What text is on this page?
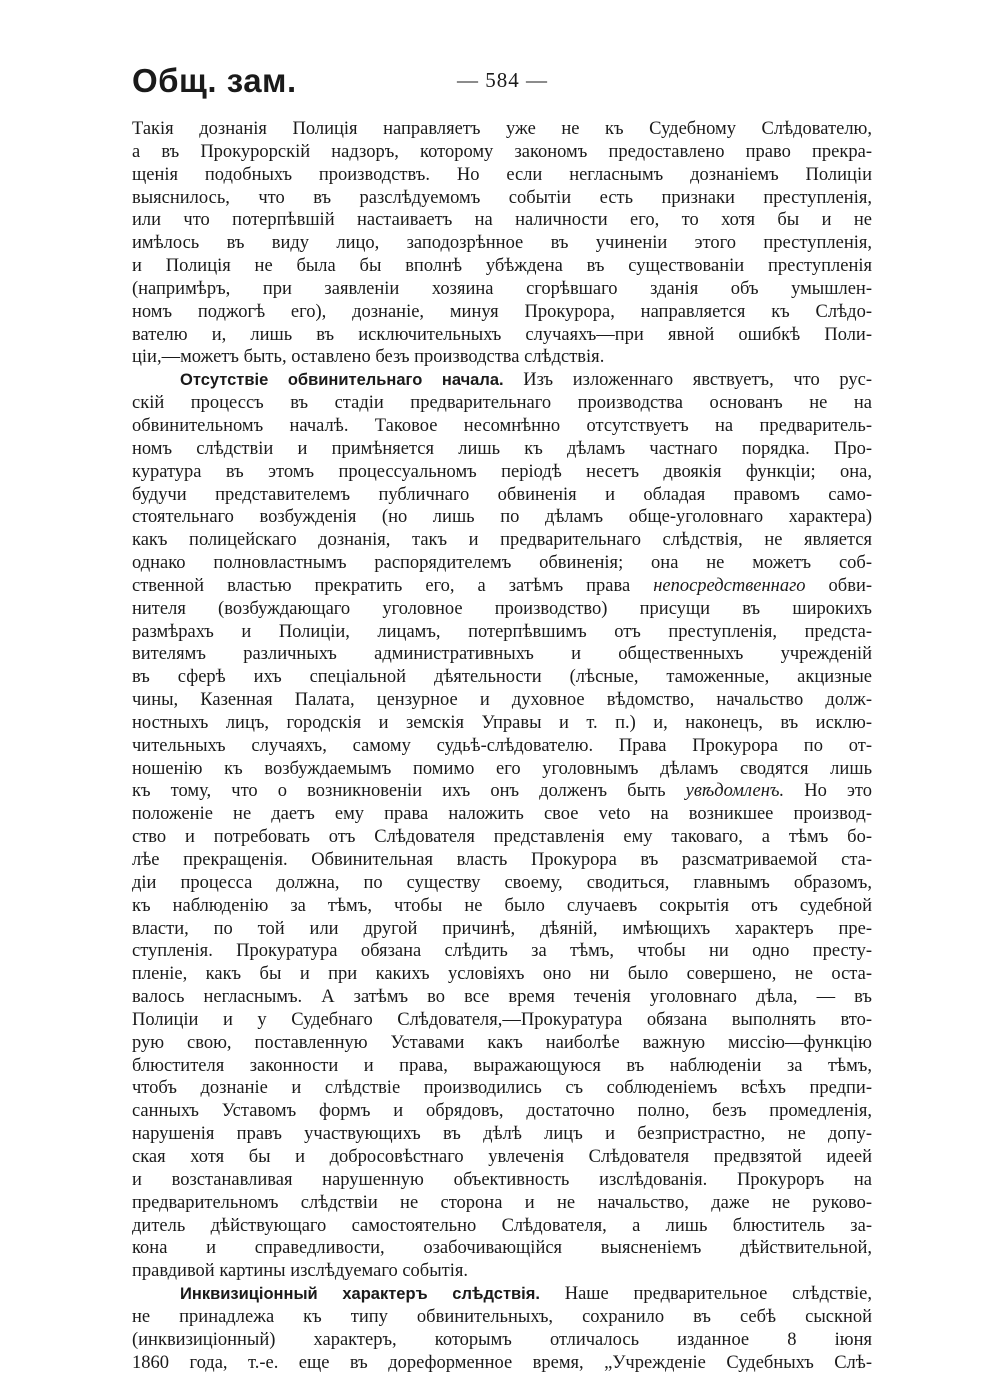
Общ. зам.	— 584 —
Такія дознанія Полиція направляетъ уже не къ Судебному Слѣдователю,
а въ Прокурорскій надзоръ, которому закономъ предоставлено право прекра-
щенія подобныхъ производствъ. Но если негласнымъ дознаніемъ Полиціи
выяснилось, что въ разслѣдуемомъ событіи есть признаки преступленія,
или что потерпѣвшій настаиваетъ на наличности его, то хотя бы и не
имѣлось въ виду лицо, заподозрѣнное въ учиненіи этого преступленія,
и Полиція не была бы вполнѣ убѣждена въ существованіи преступленія
(напримѣръ, при заявленіи хозяина сгорѣвшаго зданія объ умышлен-
номъ поджогѣ его), дознаніе, минуя Прокурора, направляется къ Слѣдо-
вателю и, лишь въ исключительныхъ случаяхъ—при явной ошибкѣ Поли-
ціи,—можетъ быть, оставлено безъ производства слѣдствія.
Отсутствіе обвинительнаго начала. Изъ изложеннаго явствуетъ, что рус-
скій процессъ въ стадіи предварительнаго производства основанъ не на
обвинительномъ началѣ. Таковое несомнѣнно отсутствуетъ на предваритель-
номъ слѣдствіи и примѣняется лишь къ дѣламъ частнаго порядка. Про-
куратура въ этомъ процессуальномъ періодѣ несетъ двоякія функціи; она,
будучи представителемъ публичнаго обвиненія и обладая правомъ само-
стоятельнаго возбужденія (но лишь по дѣламъ обще-уголовнаго характера)
какъ полицейскаго дознанія, такъ и предварительнаго слѣдствія, не является
однако полновластнымъ распорядителемъ обвиненія; она не можетъ соб-
ственной властью прекратить его, а затѣмъ права непосредственнаго обви-
нителя (возбуждающаго уголовное производство) присущи въ широкихъ
размѣрахъ и Полиціи, лицамъ, потерпѣвшимъ отъ преступленія, предста-
вителямъ различныхъ административныхъ и общественныхъ учрежденій
въ сферѣ ихъ спеціальной дѣятельности (лѣсные, таможенные, акцизные
чины, Казенная Палата, цензурное и духовное вѣдомство, начальство долж-
ностныхъ лицъ, городскія и земскія Управы и т. п.) и, наконецъ, въ исклю-
чительныхъ случаяхъ, самому судьѣ-слѣдователю. Права Прокурора по от-
ношенію къ возбуждаемымъ помимо его уголовнымъ дѣламъ сводятся лишь
къ тому, что о возникновеніи ихъ онъ долженъ быть увѣдомленъ. Но это
положеніе не даетъ ему права наложить свое veto на возникшее производ-
ство и потребовать отъ Слѣдователя представленія ему таковаго, а тѣмъ бо-
лѣе прекращенія. Обвинительная власть Прокурора въ разсматриваемой ста-
діи процесса должна, по существу своему, сводиться, главнымъ образомъ,
къ наблюденію за тѣмъ, чтобы не было случаевъ сокрытія отъ судебной
власти, по той или другой причинѣ, дѣяній, имѣющихъ характеръ пре-
ступленія. Прокуратура обязана слѣдить за тѣмъ, чтобы ни одно престу-
пленіе, какъ бы и при какихъ условіяхъ оно ни было совершено, не оста-
валось негласнымъ. А затѣмъ во все время теченія уголовнаго дѣла, — въ
Полиціи и у Судебнаго Слѣдователя,—Прокуратура обязана выполнять вто-
рую свою, поставленную Уставами какъ наиболѣе важную миссію—функцію
блюстителя законности и права, выражающуюся въ наблюденіи за тѣмъ,
чтобъ дознаніе и слѣдствіе производились съ соблюденіемъ всѣхъ предпи-
санныхъ Уставомъ формъ и обрядовъ, достаточно полно, безъ промедленія,
нарушенія правъ участвующихъ въ дѣлѣ лицъ и безпристрастно, не допу-
ская хотя бы и добросовѣстнаго увлеченія Слѣдователя предвзятой идеей
и возстанавливая нарушенную объективность изслѣдованія. Прокуроръ на
предварительномъ слѣдствіи не сторона и не начальство, даже не руково-
дитель дѣйствующаго самостоятельно Слѣдователя, а лишь блюститель за-
кона и справедливости, озабочивающійся выясненіемъ дѣйствительной,
правдивой картины изслѣдуемаго событія.
Инквизиціонный характеръ слѣдствія. Наше предварительное слѣдствіе,
не принадлежа къ типу обвинительныхъ, сохранило въ себѣ сыскной
(инквизиціонный) характеръ, которымъ отличалось изданное 8 іюня
1860 года, т.-е. еще въ дореформенное время, „Учрежденіе Судебныхъ Слѣ-
